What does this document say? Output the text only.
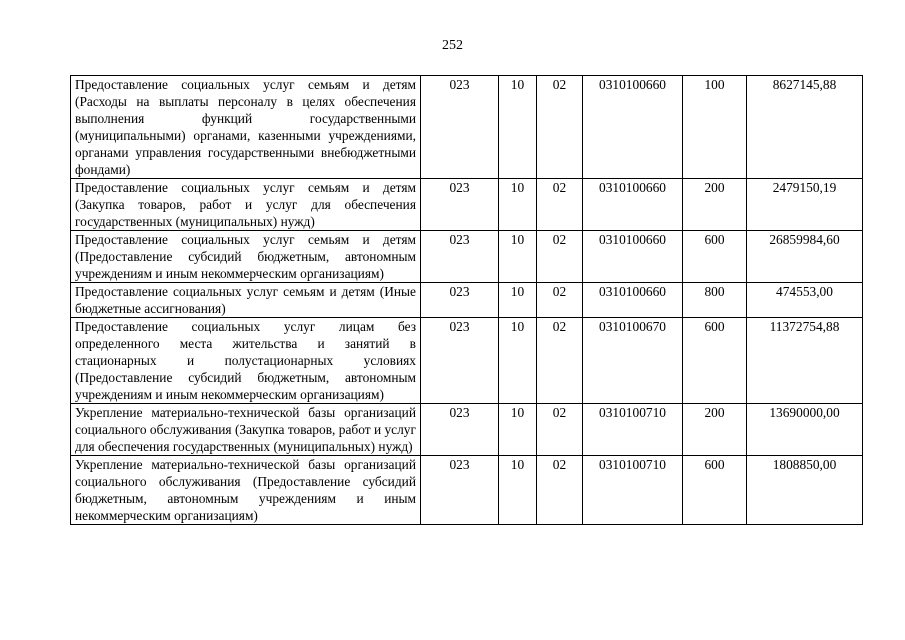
252
Предоставление социальных услуг семьям и детям (Расходы на выплаты персоналу в целях обеспечения выполнения функций государственными (муниципальными) органами, казенными учреждениями, органами управления государственными внебюджетными фондами)	023	10	02	0310100660	100	8627145,88
Предоставление социальных услуг семьям и детям (Закупка товаров, работ и услуг для обеспечения государственных (муниципальных) нужд)	023	10	02	0310100660	200	2479150,19
Предоставление социальных услуг семьям и детям (Предоставление субсидий бюджетным, автономным учреждениям и иным некоммерческим организациям)	023	10	02	0310100660	600	26859984,60
Предоставление социальных услуг семьям и детям (Иные бюджетные ассигнования)	023	10	02	0310100660	800	474553,00
Предоставление социальных услуг лицам без определенного места жительства и занятий в стационарных и полустационарных условиях (Предоставление субсидий бюджетным, автономным учреждениям и иным некоммерческим организациям)	023	10	02	0310100670	600	11372754,88
Укрепление материально-технической базы организаций социального обслуживания (Закупка товаров, работ и услуг для обеспечения государственных (муниципальных) нужд)	023	10	02	0310100710	200	13690000,00
Укрепление материально-технической базы организаций социального обслуживания (Предоставление субсидий бюджетным, автономным учреждениям и иным некоммерческим организациям)	023	10	02	0310100710	600	1808850,00
